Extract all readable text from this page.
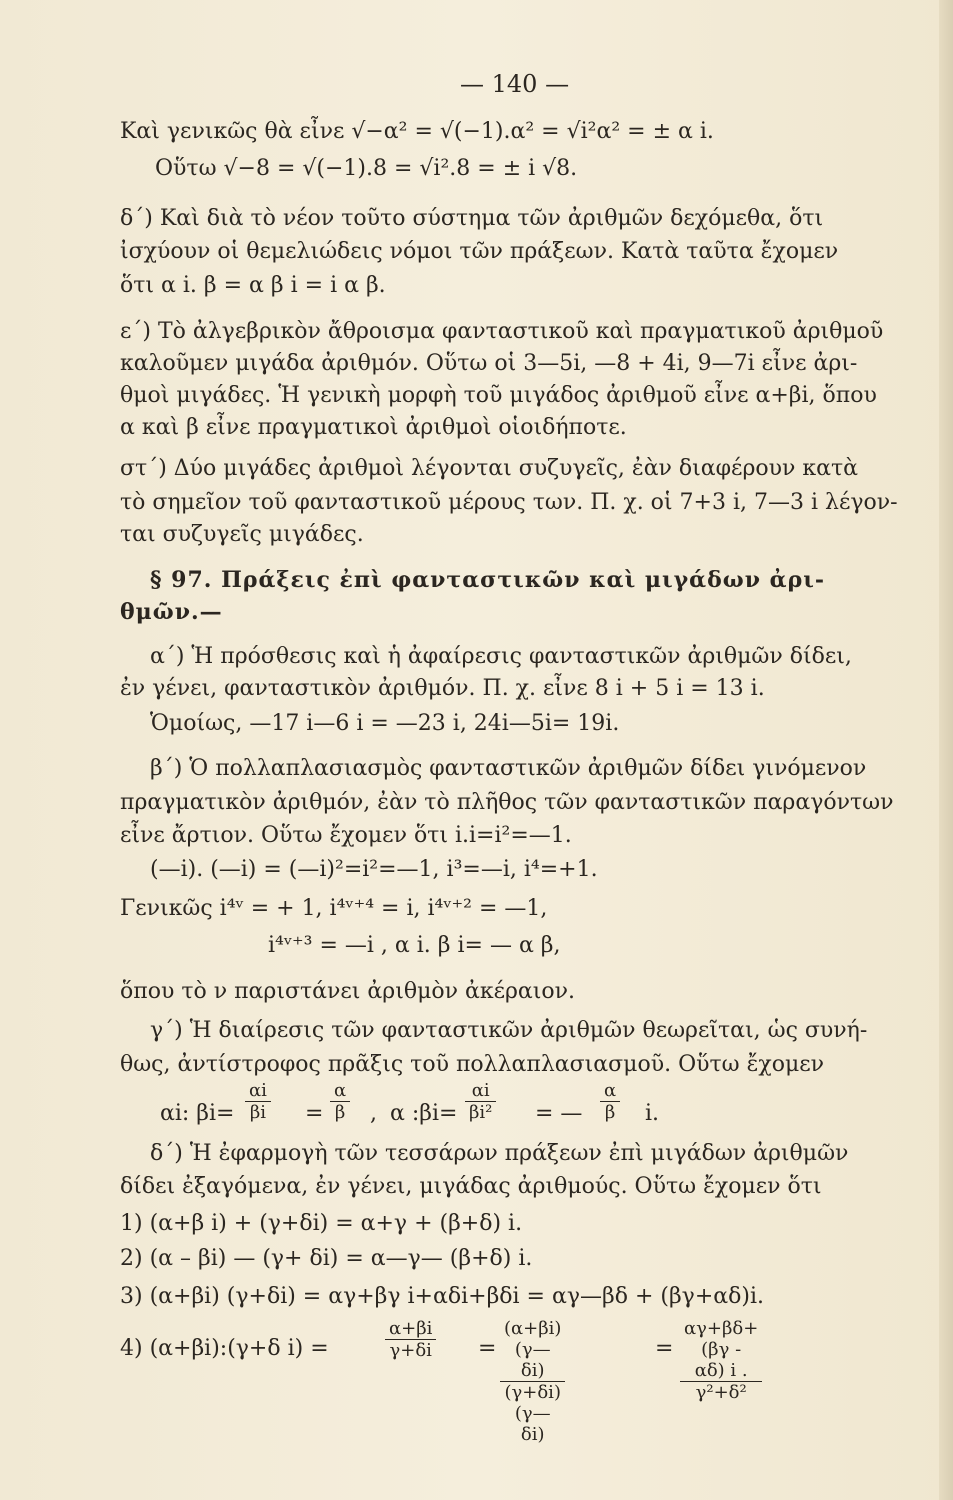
— 140 —
Καὶ γενικῶς θὰ εἶνε √−α² = √(−1).α² = √i²α² = ± α i.
Οὕτω √−8 = √(−1).8 = √i².8 = ± i √8.
δ΄) Καὶ διὰ τὸ νέον τοῦτο σύστημα τῶν ἀριθμῶν δεχόμεθα, ὅτι
ἰσχύουν οἱ θεμελιώδεις νόμοι τῶν πράξεων. Κατὰ ταῦτα ἔχομεν
ὅτι α i. β = α β i = i α β.
ε΄) Τὸ ἀλγεβρικὸν ἄθροισμα φανταστικοῦ καὶ πραγματικοῦ ἀριθμοῦ
καλοῦμεν μιγάδα ἀριθμόν. Οὕτω οἱ 3—5i, —8 + 4i, 9—7i εἶνε ἀρι-
θμοὶ μιγάδες. Ἡ γενικὴ μορφὴ τοῦ μιγάδος ἀριθμοῦ εἶνε α+βi, ὅπου
α καὶ β εἶνε πραγματικοὶ ἀριθμοὶ οἱοιδήποτε.
στ΄) Δύο μιγάδες ἀριθμοὶ λέγονται συζυγεῖς, ἐὰν διαφέρουν κατὰ
τὸ σημεῖον τοῦ φανταστικοῦ μέρους των. Π. χ. οἱ 7+3 i, 7—3 i λέγον-
ται συζυγεῖς μιγάδες.
§ 97. Πράξεις ἐπὶ φανταστικῶν καὶ μιγάδων ἀρι-
θμῶν.—
α΄) Ἡ πρόσθεσις καὶ ἡ ἀφαίρεσις φανταστικῶν ἀριθμῶν δίδει,
ἐν γένει, φανταστικὸν ἀριθμόν. Π. χ. εἶνε 8 i + 5 i = 13 i.
Ὁμοίως, —17 i—6 i = —23 i, 24i—5i= 19i.
β΄) Ὁ πολλαπλασιασμὸς φανταστικῶν ἀριθμῶν δίδει γινόμενον
πραγματικὸν ἀριθμόν, ἐὰν τὸ πλῆθος τῶν φανταστικῶν παραγόντων
εἶνε ἄρτιον. Οὕτω ἔχομεν ὅτι i.i=i²=—1.
(—i). (—i) = (—i)²=i²=—1, i³=—i, i⁴=+1.
Γενικῶς i⁴ᵛ = + 1, i⁴ᵛ⁺⁴ = i, i⁴ᵛ⁺² = —1,
i⁴ᵛ⁺³ = —i , α i. β i= — α β,
ὅπου τὸ ν παριστάνει ἀριθμὸν ἀκέραιον.
γ΄) Ἡ διαίρεσις τῶν φανταστικῶν ἀριθμῶν θεωρεῖται, ὡς συνή-
θως, ἀντίστροφος πρᾶξις τοῦ πολλαπλασιασμοῦ. Οὕτω ἔχομεν
αi: $\beta i= \frac{\alpha i}{\beta i} = \frac{\alpha}{\beta}$ , α :βi= $\frac{\alpha i}{\text{βi²}}$ = — $\frac{\alpha}{\beta} i$.
δ΄) Ἡ ἐφαρμογὴ τῶν τεσσάρων πράξεων ἐπὶ μιγάδων ἀριθμῶν
δίδει ἐξαγόμενα, ἐν γένει, μιγάδας ἀριθμούς. Οὕτω ἔχομεν ὅτι
1) (α+β i) + (γ+δi) = α+γ + (β+δ) i.
2) (α – βi) — (γ+ δi) = α—γ— (β+δ) i.
3) (α+βi) (γ+δi) = αγ+βγ i+αδi+βδi = αγ—βδ + (βγ+αδ)i.
4) (α+βi):(γ+δ i) =	$\frac{\alpha+\beta i}{\gamma+\delta i} = \frac{(\alpha+\beta i)(\gamma—\delta i)}{(\gamma+\delta i)(\gamma—\delta i)}$	= $\frac{\alpha\gamma+\beta\delta+(\beta\gamma - \alpha\delta) i .}{\text{γ²+δ²}}$
